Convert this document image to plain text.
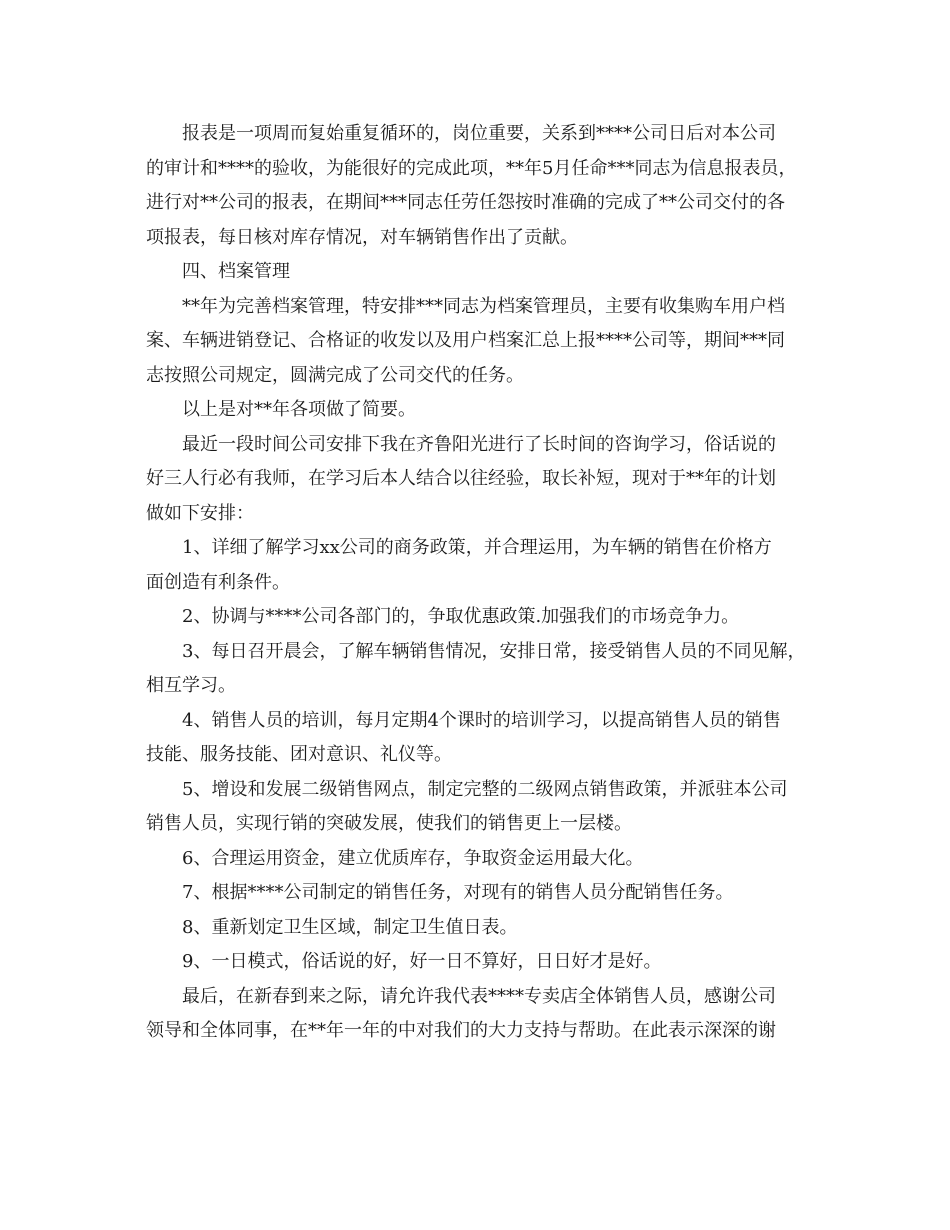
报表是一项周而复始重复循环的，岗位重要，关系到****公司日后对本公司
的审计和****的验收，为能很好的完成此项，**年5月任命***同志为信息报表员，
进行对**公司的报表，在期间***同志任劳任怨按时准确的完成了**公司交付的各
项报表，每日核对库存情况，对车辆销售作出了贡献。
四、档案管理
**年为完善档案管理，特安排***同志为档案管理员，主要有收集购车用户档
案、车辆进销登记、合格证的收发以及用户档案汇总上报****公司等，期间***同
志按照公司规定，圆满完成了公司交代的任务。
以上是对**年各项做了简要。
最近一段时间公司安排下我在齐鲁阳光进行了长时间的咨询学习，俗话说的
好三人行必有我师，在学习后本人结合以往经验，取长补短，现对于**年的计划
做如下安排：
1、详细了解学习xx公司的商务政策，并合理运用，为车辆的销售在价格方
面创造有利条件。
2、协调与****公司各部门的，争取优惠政策.加强我们的市场竞争力。
3、每日召开晨会，了解车辆销售情况，安排日常，接受销售人员的不同见解，
相互学习。
4、销售人员的培训，每月定期4个课时的培训学习，以提高销售人员的销售
技能、服务技能、团对意识、礼仪等。
5、增设和发展二级销售网点，制定完整的二级网点销售政策，并派驻本公司
销售人员，实现行销的突破发展，使我们的销售更上一层楼。
6、合理运用资金，建立优质库存，争取资金运用最大化。
7、根据****公司制定的销售任务，对现有的销售人员分配销售任务。
8、重新划定卫生区域，制定卫生值日表。
9、一日模式，俗话说的好，好一日不算好，日日好才是好。
最后，在新春到来之际，请允许我代表****专卖店全体销售人员，感谢公司
领导和全体同事，在**年一年的中对我们的大力支持与帮助。在此表示深深的谢
